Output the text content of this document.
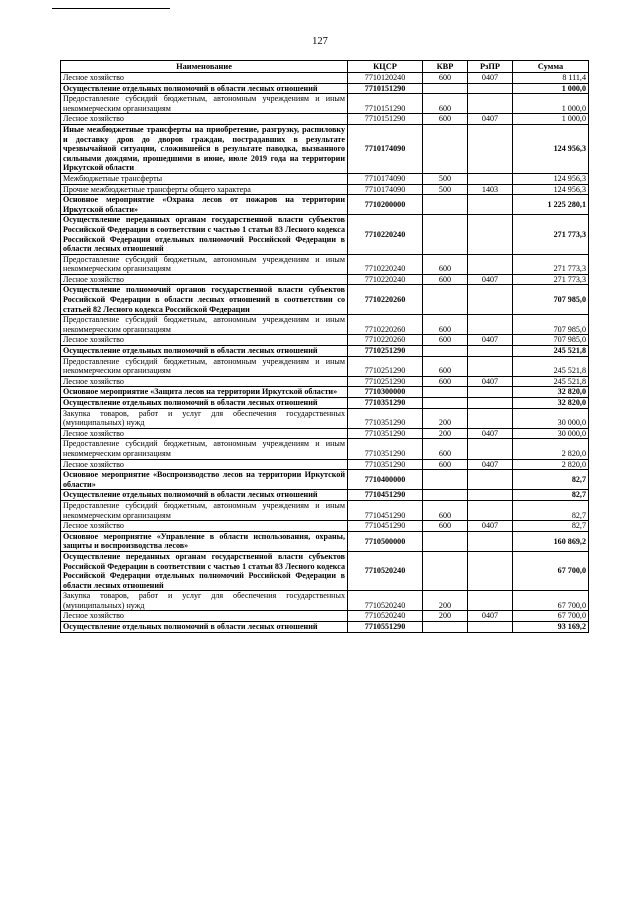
127
Наименование	КЦСР	КВР	РзПР	Сумма
Лесное хозяйство	7710120240	600	0407	8 111,4
Осуществление отдельных полномочий в области лесных отношений	7710151290			1 000,0
Предоставление субсидий бюджетным, автономным учреждениям и иным некоммерческим организациям	7710151290	600		1 000,0
Лесное хозяйство	7710151290	600	0407	1 000,0
Иные межбюджетные трансферты на приобретение, разгрузку, распиловку и доставку дров до дворов граждан, пострадавших в результате чрезвычайной ситуации, сложившейся в результате паводка, вызванного сильными дождями, прошедшими в июне, июле 2019 года на территории Иркутской области	7710174090			124 956,3
Межбюджетные трансферты	7710174090	500		124 956,3
Прочие межбюджетные трансферты общего характера	7710174090	500	1403	124 956,3
Основное мероприятие «Охрана лесов от пожаров на территории Иркутской области»	7710200000			1 225 280,1
Осуществление переданных органам государственной власти субъектов Российской Федерации в соответствии с частью 1 статьи 83 Лесного кодекса Российской Федерации отдельных полномочий Российской Федерации в области лесных отношений	7710220240			271 773,3
Предоставление субсидий бюджетным, автономным учреждениям и иным некоммерческим организациям	7710220240	600		271 773,3
Лесное хозяйство	7710220240	600	0407	271 773,3
Осуществление полномочий органов государственной власти субъектов Российской Федерации в области лесных отношений в соответствии со статьей 82 Лесного кодекса Российской Федерации	7710220260			707 985,0
Предоставление субсидий бюджетным, автономным учреждениям и иным некоммерческим организациям	7710220260	600		707 985,0
Лесное хозяйство	7710220260	600	0407	707 985,0
Осуществление отдельных полномочий в области лесных отношений	7710251290			245 521,8
Предоставление субсидий бюджетным, автономным учреждениям и иным некоммерческим организациям	7710251290	600		245 521,8
Лесное хозяйство	7710251290	600	0407	245 521,8
Основное мероприятие «Защита лесов на территории Иркутской области»	7710300000			32 820,0
Осуществление отдельных полномочий в области лесных отношений	7710351290			32 820,0
Закупка товаров, работ и услуг для обеспечения государственных (муниципальных) нужд	7710351290	200		30 000,0
Лесное хозяйство	7710351290	200	0407	30 000,0
Предоставление субсидий бюджетным, автономным учреждениям и иным некоммерческим организациям	7710351290	600		2 820,0
Лесное хозяйство	7710351290	600	0407	2 820,0
Основное мероприятие «Воспроизводство лесов на территории Иркутской области»	7710400000			82,7
Осуществление отдельных полномочий в области лесных отношений	7710451290			82,7
Предоставление субсидий бюджетным, автономным учреждениям и иным некоммерческим организациям	7710451290	600		82,7
Лесное хозяйство	7710451290	600	0407	82,7
Основное мероприятие «Управление в области использования, охраны, защиты и воспроизводства лесов»	7710500000			160 869,2
Осуществление переданных органам государственной власти субъектов Российской Федерации в соответствии с частью 1 статьи 83 Лесного кодекса Российской Федерации отдельных полномочий Российской Федерации в области лесных отношений	7710520240			67 700,0
Закупка товаров, работ и услуг для обеспечения государственных (муниципальных) нужд	7710520240	200		67 700,0
Лесное хозяйство	7710520240	200	0407	67 700,0
Осуществление отдельных полномочий в области лесных отношений	7710551290			93 169,2
